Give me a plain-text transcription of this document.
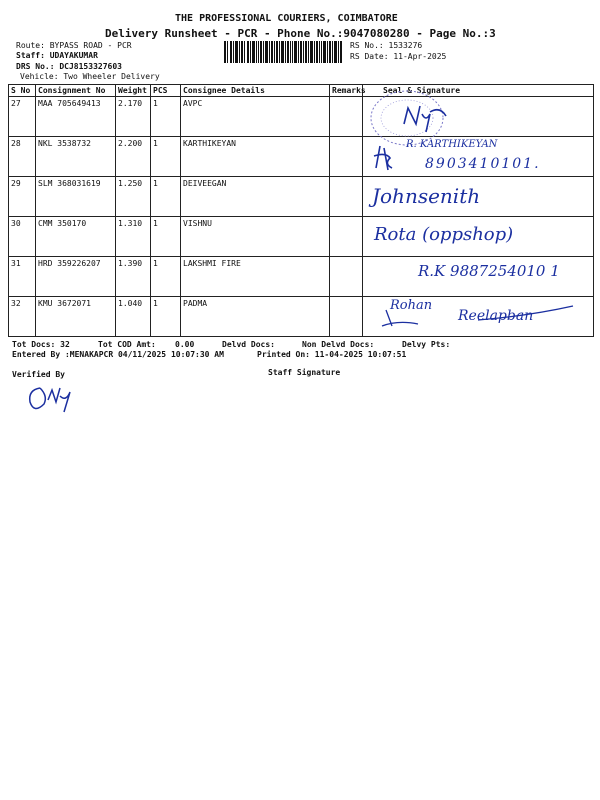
THE PROFESSIONAL COURIERS, COIMBATORE
Delivery Runsheet - PCR - Phone No.:9047080280 - Page No.:3
Route: BYPASS ROAD - PCR
Staff: UDAYAKUMAR
DRS No.: DCJ8153327603
Vehicle: Two Wheeler Delivery
RS No.: 1533276
RS Date: 11-Apr-2025
S No	Consignment No	Weight	PCS	Consignee Details	Remarks	Seal & Signature
27	MAA 705649413	2.170	1	AVPC		
28	NKL 3538732	2.200	1	KARTHIKEYAN		
29	SLM 368031619	1.250	1	DEIVEEGAN		
30	CMM 350170	1.310	1	VISHNU		
31	HRD 359226207	1.390	1	LAKSHMI FIRE		
32	KMU 3672071	1.040	1	PADMA		
R. KARTHIKEYAN
8903410101.
Johnsenith
Rota (oppshop)
R.K 9887254010 1
Rohan
Reelapban
Tot Docs: 32	Tot COD Amt: 0.00	Delvd Docs:	Non Delvd Docs:	Delvy Pts:
Entered By :MENAKAPCR 04/11/2025 10:07:30 AM	Printed On: 11-04-2025 10:07:51
Verified By	Staff Signature
